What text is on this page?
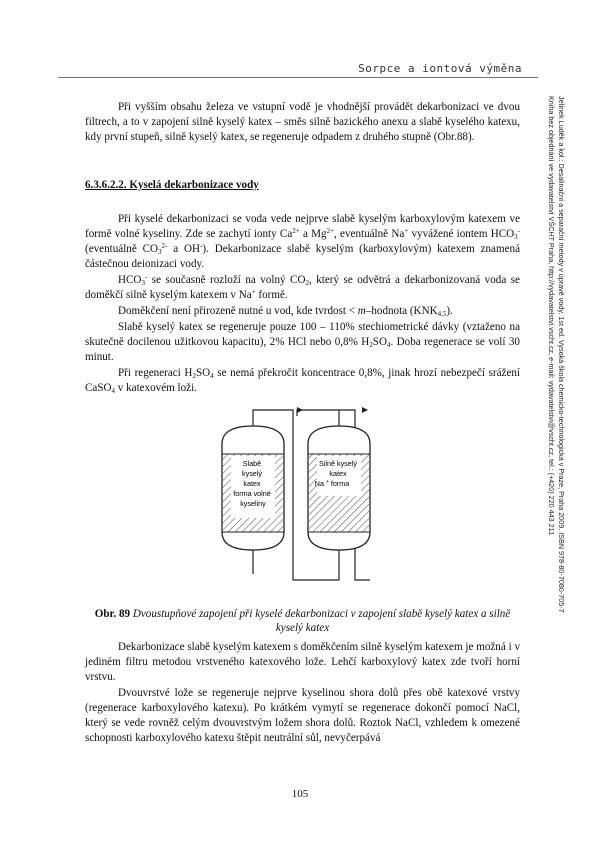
Sorpce a iontová výměna
Jelínek Luděk a kol.: Desalinační a separační metody v úpravě vody. 1st ed. Vysoká škola chemicko-technologická v Praze, Praha 2009. ISBN 978-80-7080-705-7
Kniha bez objednání ve vydavatelství VŠCHT Praha, http://vydavatelstvi.vscht.cz, e-mail: vydavatelstvi@vscht.cz, tel.: (+420) 220 443 211

Při vyšším obsahu železa ve vstupní vodě je vhodnější provádět dekarbonizaci ve dvou filtrech, a to v zapojení silně kyselý katex – směs silně bazického anexu a slabě kyselého katexu, kdy první stupeň, silně kyselý katex, se regeneruje odpadem z druhého stupně (Obr.88).

6.3.6.2.2. Kyselá dekarbonizace vody

Při kyselé dekarbonizaci se voda vede nejprve slabě kyselým karboxylovým katexem ve formě volné kyseliny. Zde se zachytí ionty $Ca^{2+}$ a $Mg^{2+}$, eventuálně Na+ vyvážené iontem $HCO_3^-$ (eventuálně $CO_3^{2-}$ a OH-). Dekarbonizace slabě kyselým (karboxylovým) katexem znamená částečnou deionizaci vody.

$HCO_3^-$ se současně rozloží na volný $CO_2$, který se odvětrá a dekarbonizovaná voda se doměkčí silně kyselým katexem v Na+ formě.

Doměkčení není přirozeně nutné u vod, kde tvrdost < m–hodnota $(KNK_{4,5})$.

Slabě kyselý katex se regeneruje pouze 100 – 110% stechiometrické dávky (vztaženo na skutečně docilenou užitkovou kapacitu), 2% HCl nebo 0,8% $H_2SO_4$. Doba regenerace se volí 30 minut.

Při regeneraci $H_2SO_4$ se nemá překročit koncentrace 0,8%, jinak hrozí nebezpečí srážení CaSO$_4$ v katexovém loži.

Slabě kyselý katex forma volné kyseliny
Silně kyselý katex Na + forma
Obr. 89 Dvoustupňové zapojení při kyselé dekarbonizaci v zapojení slabě kyselý katex a silně kyselý katex

Dekarbonizace slabě kyselým katexem s doměkčením silně kyselým katexem je možná i v jediném filtru metodou vrstveného katexového lože. Lehčí karboxylový katex zde tvoří horní vrstvu.

Dvouvrstvé lože se regeneruje nejprve kyselinou shora dolů přes obě katexové vrstvy (regenerace karboxylového katexu). Po krátkém vymytí se regenerace dokončí pomocí NaCl, který se vede rovněž celým dvouvrstvým ložem shora dolů. Roztok NaCl, vzhledem k omezené schopnosti karboxylového katexu štěpit neutrální sůl, nevyčerpává

105
